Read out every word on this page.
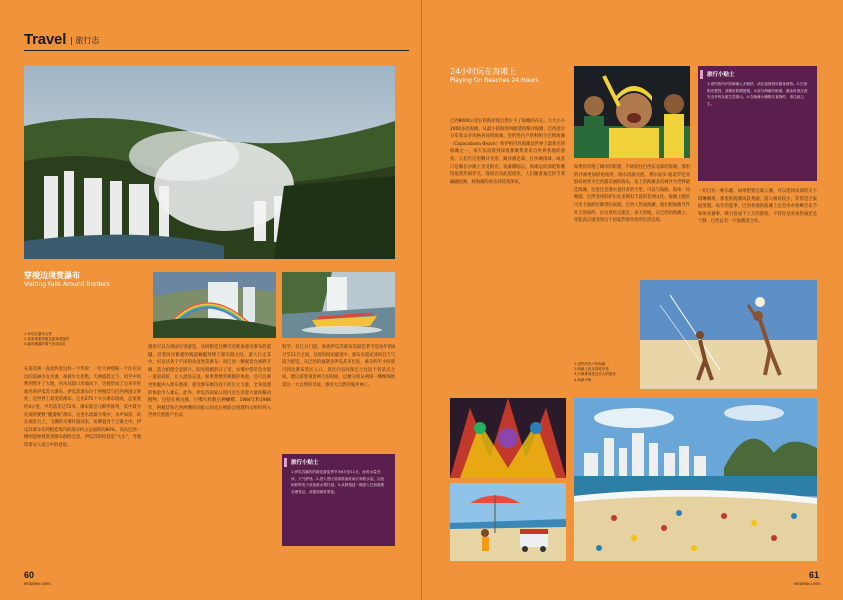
Travel | 旅行志
穿梭边境赏瀑布
Visiting Falls Around Borders
1.伊瓜苏瀑布全景
2.游客乘着快艇近距离观瀑布
3.瀑布溅落的雾气形成彩虹
在南美洲一直流传着这样一个传说：一位天神想娶一个住在河边的美丽少女为妻，却被少女拒绝，天神盛怒之下，用手中的利剑劈开了大地，河水从裂口奔涌而下，这便形成了后来举世闻名的伊瓜苏大瀑布。伊瓜苏瀑布位于阿根廷与巴西两国交界处，是世界上最宽的瀑布，它由275个大小瀑布组成，总宽度约4公里，平均落差达72米。瀑布群呈马蹄形排列，其中最为壮观的要数“魔鬼喉”瀑布，这里水流最为集中，水声如雷，站在观景台上，飞溅的水雾扑面而来，仿佛置身于云雾之中。伊瓜苏瀑布在阿根廷境内的部分约占总面积的80%，而从巴西一侧则能够观赏到瀑布群的全景。伊瓜苏的原意是“大水”，当地印第安人语言中的意思。
游客可以在两国分别游览，从阿根廷这侧可近距离感受瀑布的震撼，沿着河岸修建的栈道蜿蜒穿梭于瀑布群之间，游人行走其中，可以从各个不同的角度欣赏瀑布；而巴西一侧观景台视野开阔，适合拍摄全景照片。阳光明媚的日子里，水雾中常常会出现一道道彩虹，让人流连忘返。如果想要更刺激的体验，还可以乘坐快艇冲入瀑布底部，感受瀑布倾泻而下的巨大力量，全身湿透的体验令人难忘。此外，伊瓜苏国家公园内还生活着大量珍稀动植物，包括长鼻浣熊、巨嘴鸟和数百种蝴蝶，1984年和1986年，阿根廷和巴西两侧的国家公园先后被联合国教科文组织列入世界自然遗产名录。
科学，有几分门道。参观伊瓜苏瀑布的最佳季节是每年的8月至11月之间，这段时间雨量适中，瀑布水量充沛而且天气较为舒适。从巴西的福斯多伊瓜苏市出发，乘车约半小时即可到达瀑布景区入口，景区内有环保巴士往返于各景点之间。建议游客预留两天的时间，以便分别从两国一侧细细欣赏这一大自然的奇观，感受大自然的鬼斧神工。
旅行小贴士
1.伊瓜苏瀑布的最佳游览季节为8月至11月，此时水量充沛，天气舒适。2.进入景区前请准备好雨衣和防水袋，以免相机等电子设备被水雾打湿。3.从阿根廷一侧进入巴西需要办理签证，请提前做好准备。
60
MODERN LIVES
24小时玩在海滩上
Playing On Beaches 24 Hours
旅行小贴士
1.里约热内卢的海滩人多拥挤，请注意保管好随身财物。2.巴西阳光强烈，请做好防晒措施。3.部分海滩有暗流，游泳时请注意安全并听从救生员指示。4.在海滩小摊购买食物时，请注意卫生。
巴西8000公里长的海岸线自然少不了海滩的存在。大大小小2000多处海滩，从最小的海湾到绵延的细沙海滩，巴西沿岸分布着众多风格各异的海滩。里约热内卢的科帕卡巴纳海滩（Copacabana Beach）和伊帕内玛海滩是世界上最著名的海滩之一，每天从清晨到深夜都聚集着来自世界各地的游客。人们在这里晒日光浴、踢沙滩足球、打沙滩排球，或者只是躺在沙滩上享受阳光。夜幕降临后，海滩边的酒吧和餐馆依然热闹非凡，现场音乐此起彼伏，人们随着桑巴的节奏翩翩起舞，将海滩的欢乐持续到深夜。
如果你厌倦了城市的喧嚣，不妨前往巴西东北部的海滩，那里的沙滩更加原始纯净，海水清澈见底。费尔南多·迪诺罗尼亚群岛被誉为巴西最美丽的海岛，岛上的海滩多次被评为世界最佳海滩，这里还是潜水爱好者的天堂，可以与海豚、海龟一同畅游。巴伊亚州的萨尔瓦多拥有丰富的非洲文化，海滩上随处可见卡波耶拉舞者的表演。巴西人热爱海滩，他们把海滩当作社交的场所，在这里结交朋友、谈天说地，在巴西的海滩上，你能真正感受到这个国家热情奔放的生活态度。
一切自有一种乐趣。如果想要远离人潮，可以选择南部的圣卡塔琳娜州，那里的海滩风景秀丽，游人相对较少，非常适合家庭度假。每年的夏季，巴西各地的海滩上还会举办各种音乐节和体育赛事，吸引着成千上万的游客。不管你是喜欢热闹还是宁静，巴西总有一片海滩适合你。
1.里约热内卢的海滩
2.海滩上的足球爱好者
3.沙滩排球是巴西人的最爱
4.海滩小贩
61
MODERN LIVES
